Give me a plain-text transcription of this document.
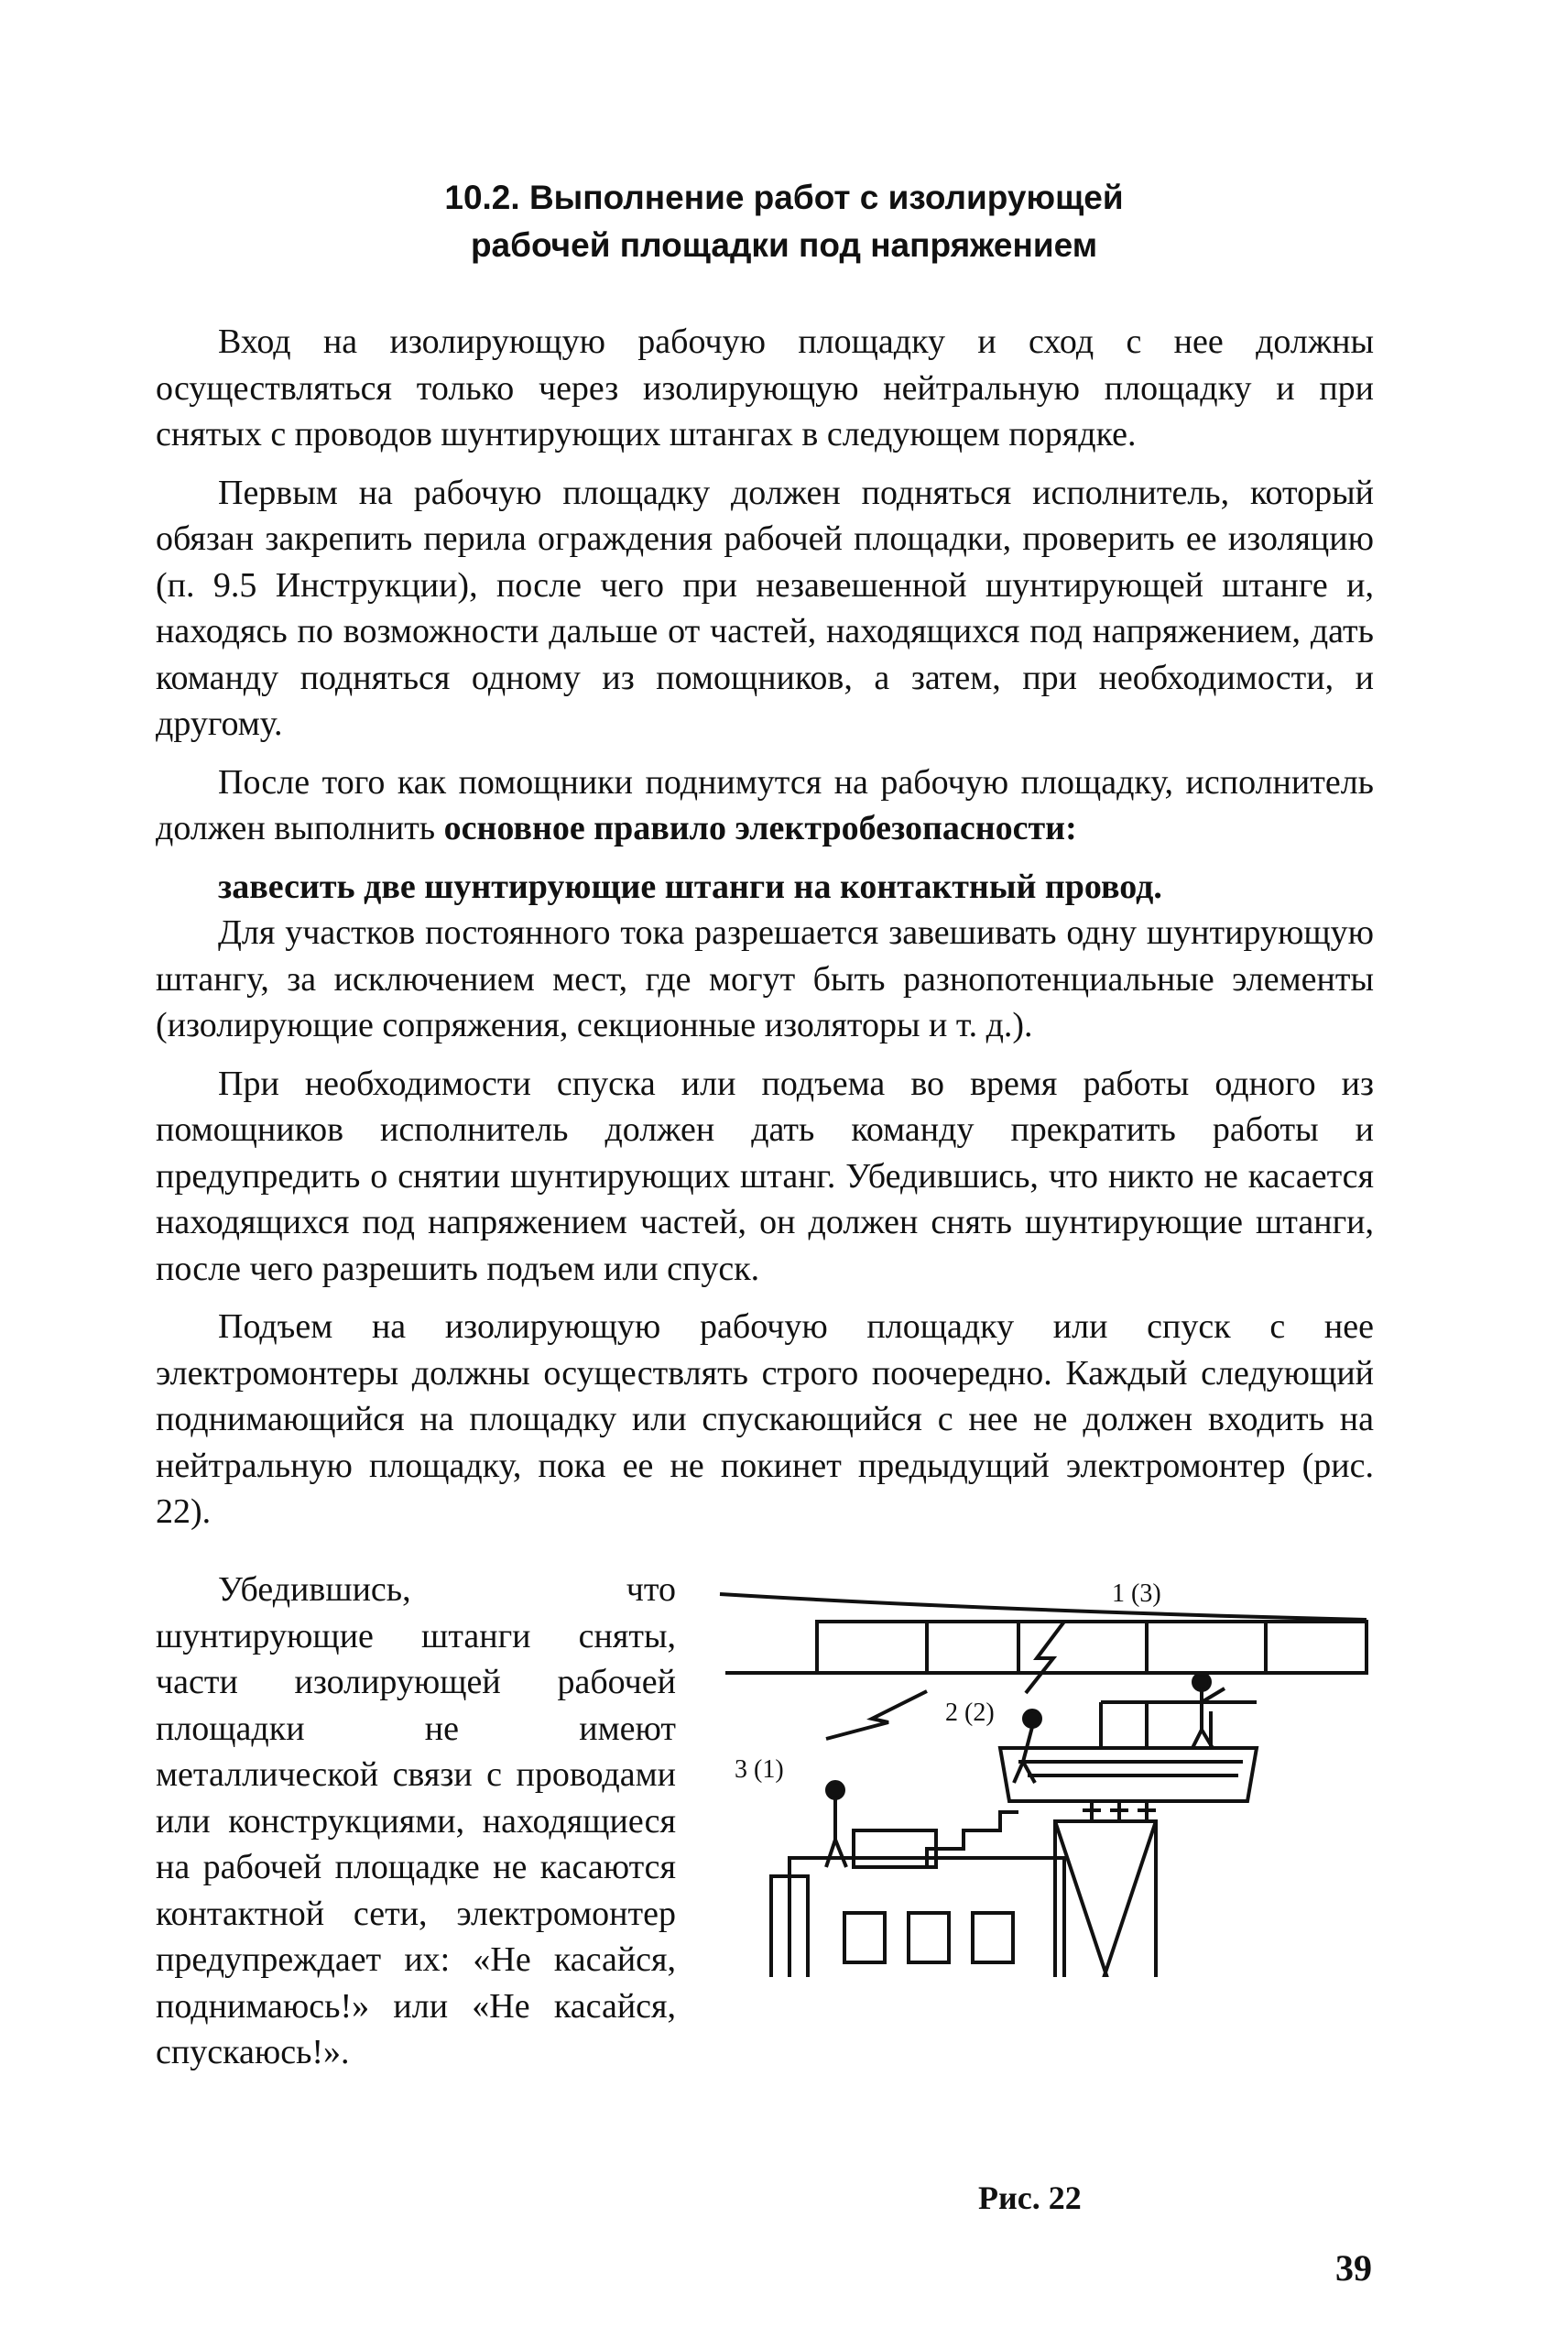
10.2. Выполнение работ с изолирующей
рабочей площадки под напряжением

Вход на изолирующую рабочую площадку и сход с нее должны осуществляться только через изолирующую нейтральную площадку и при снятых с проводов шунтирующих штангах в следующем порядке.

Первым на рабочую площадку должен подняться исполнитель, который обязан закрепить перила ограждения рабочей площадки, проверить ее изоляцию (п. 9.5 Инструкции), после чего при незавешенной шунтирующей штанге и, находясь по возможности дальше от частей, находящихся под напряжением, дать команду подняться одному из помощников, а затем, при необходимости, и другому.

После того как помощники поднимутся на рабочую площадку, исполнитель должен выполнить основное правило электробезопасности:

завесить две шунтирующие штанги на контактный провод.

Для участков постоянного тока разрешается завешивать одну шунтирующую штангу, за исключением мест, где могут быть разнопотенциальные элементы (изолирующие сопряжения, секционные изоляторы и т. д.).

При необходимости спуска или подъема во время работы одного из помощников исполнитель должен дать команду прекратить работы и предупредить о снятии шунтирующих штанг. Убедившись, что никто не касается находящихся под напряжением частей, он должен снять шунтирующие штанги, после чего разрешить подъем или спуск.

Подъем на изолирующую рабочую площадку или спуск с нее электромонтеры должны осуществлять строго поочередно. Каждый следующий поднимающийся на площадку или спускающийся с нее не должен входить на нейтральную площадку, пока ее не покинет предыдущий электромонтер (рис. 22).

Убедившись, что шунтирующие штанги сняты, части изолирующей рабочей площадки не имеют металлической связи с проводами или конструкциями, находящиеся на рабочей площадке не касаются контактной сети, электромонтер предупреждает их: «Не касайся, поднимаюсь!» или «Не касайся, спускаюсь!».

1 (3)
2 (2)
3 (1)
Рис. 22
39
